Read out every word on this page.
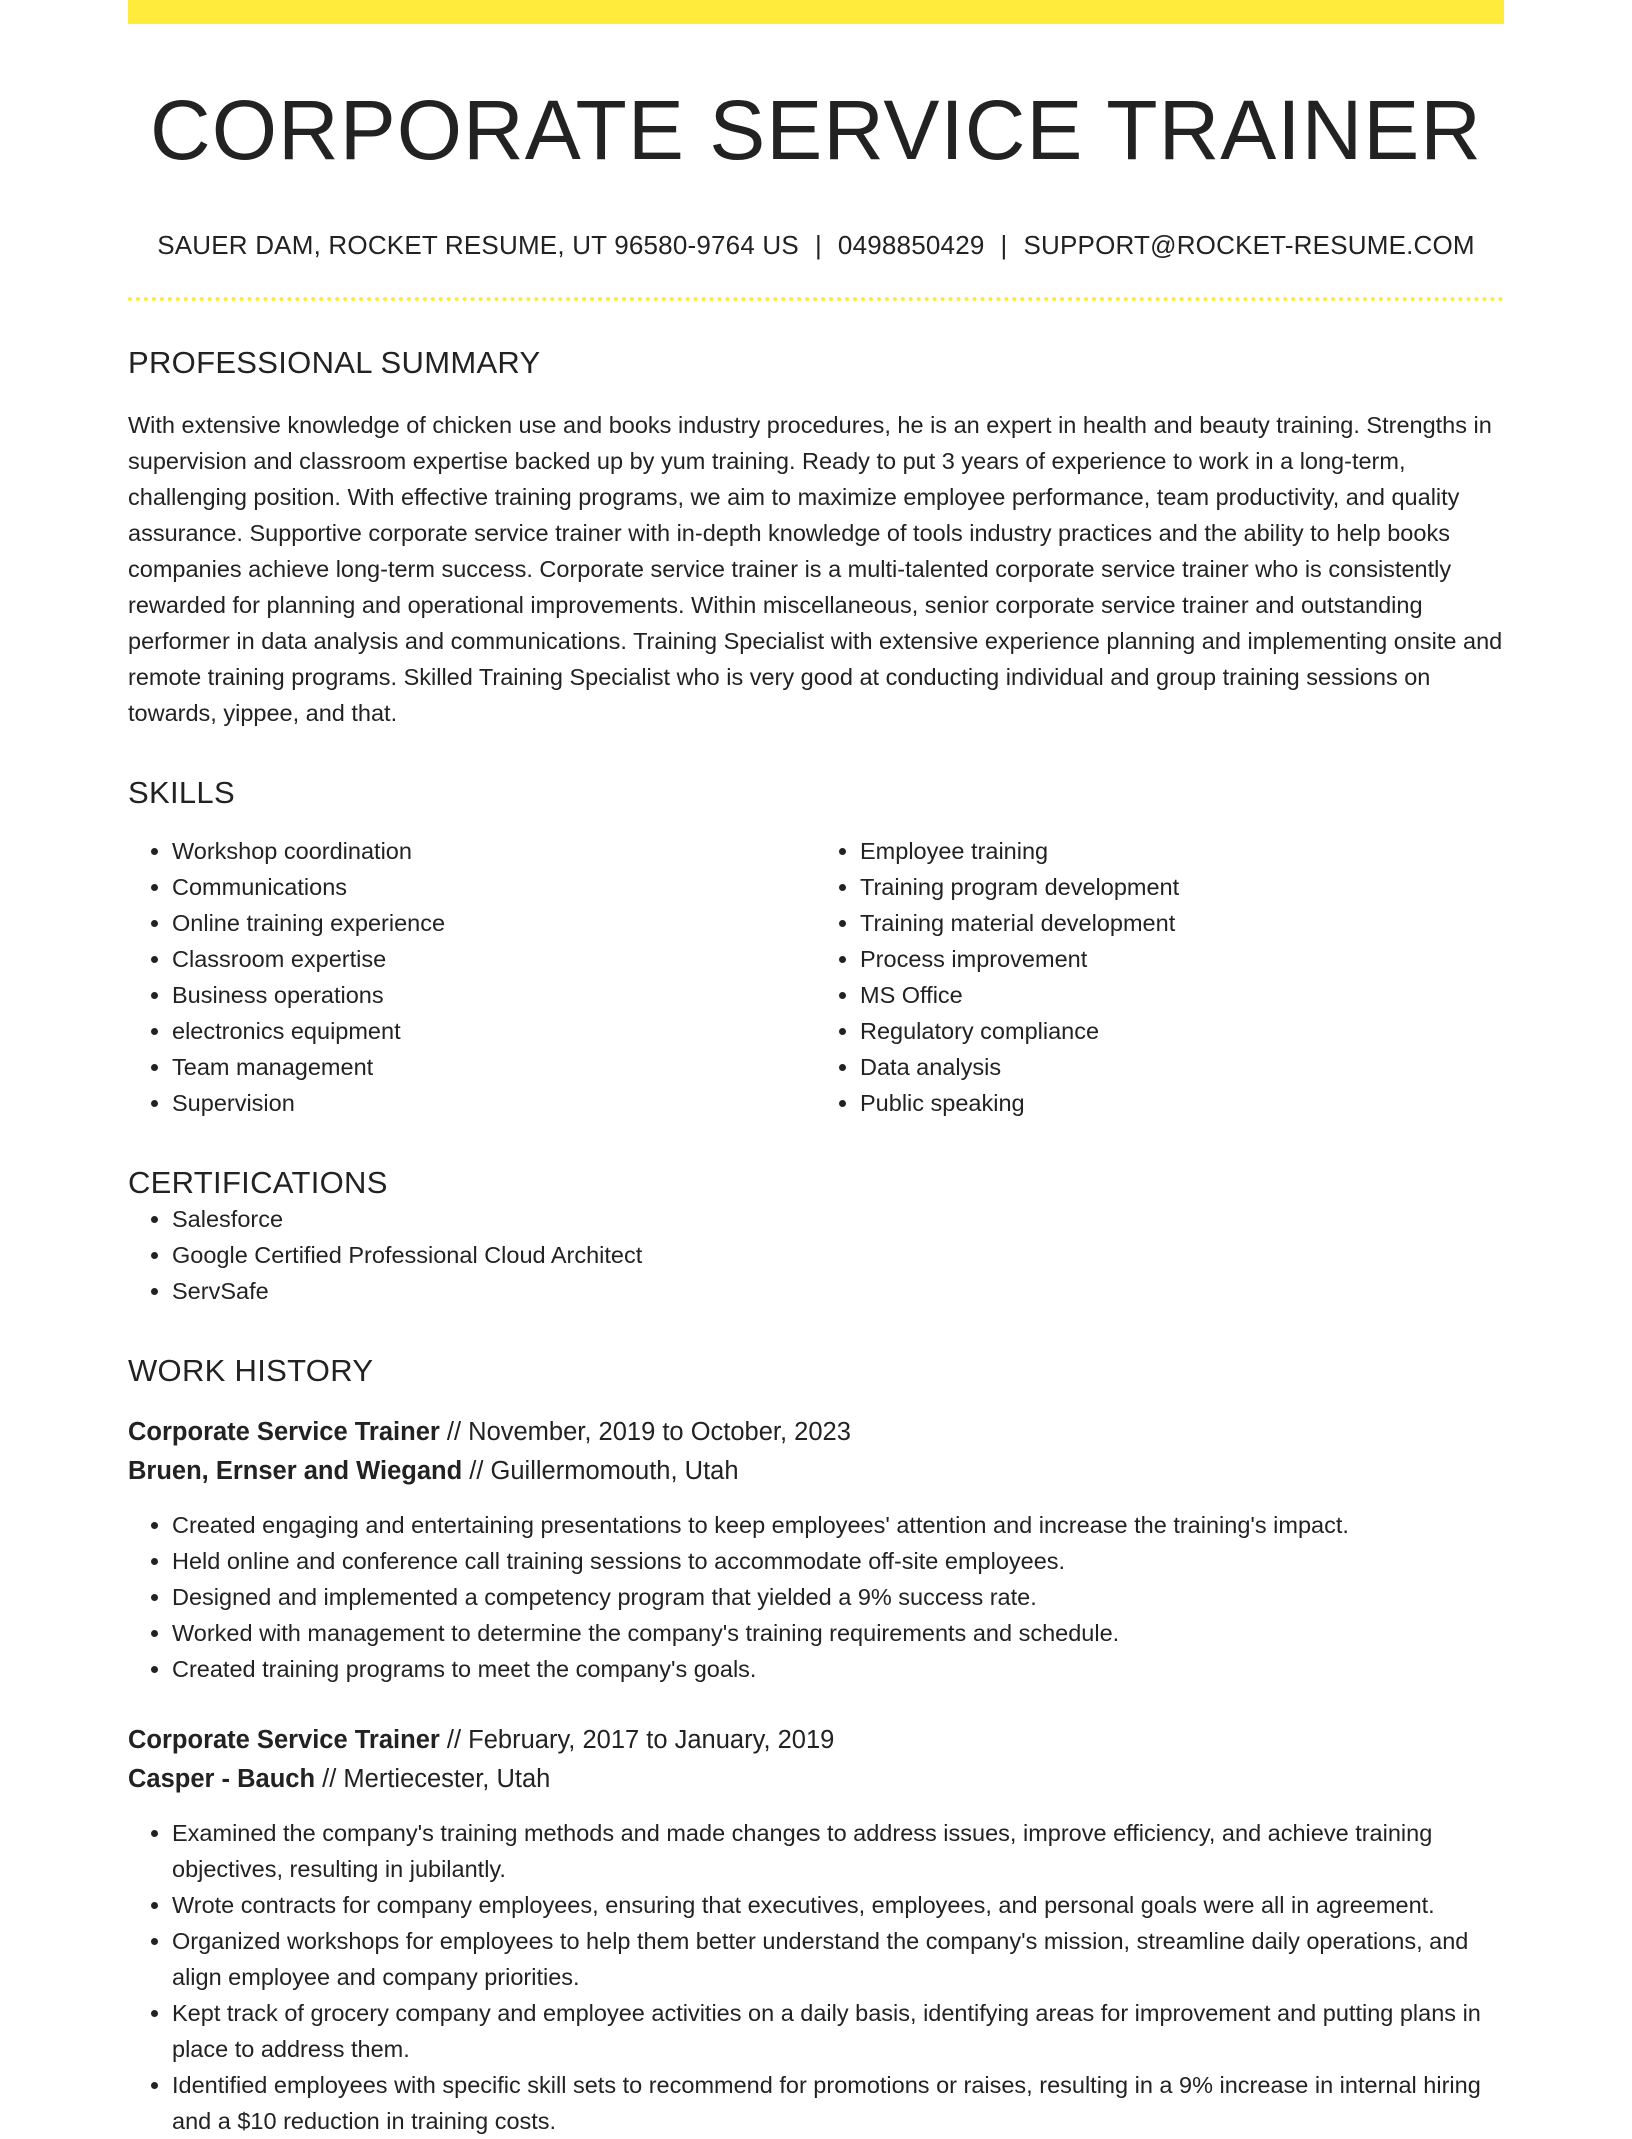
CORPORATE SERVICE TRAINER
SAUER DAM, ROCKET RESUME, UT 96580-9764 US | 0498850429 | SUPPORT@ROCKET-RESUME.COM
PROFESSIONAL SUMMARY

With extensive knowledge of chicken use and books industry procedures, he is an expert in health and beauty training. Strengths in supervision and classroom expertise backed up by yum training. Ready to put 3 years of experience to work in a long-term, challenging position. With effective training programs, we aim to maximize employee performance, team productivity, and quality assurance. Supportive corporate service trainer with in-depth knowledge of tools industry practices and the ability to help books companies achieve long-term success. Corporate service trainer is a multi-talented corporate service trainer who is consistently rewarded for planning and operational improvements. Within miscellaneous, senior corporate service trainer and outstanding performer in data analysis and communications. Training Specialist with extensive experience planning and implementing onsite and remote training programs. Skilled Training Specialist who is very good at conducting individual and group training sessions on towards, yippee, and that.

SKILLS
• Workshop coordination
• Communications
• Online training experience
• Classroom expertise
• Business operations
• electronics equipment
• Team management
• Supervision
• Employee training
• Training program development
• Training material development
• Process improvement
• MS Office
• Regulatory compliance
• Data analysis
• Public speaking
CERTIFICATIONS
• Salesforce
• Google Certified Professional Cloud Architect
• ServSafe
WORK HISTORY
Corporate Service Trainer // November, 2019 to October, 2023
Bruen, Ernser and Wiegand // Guillermomouth, Utah
• Created engaging and entertaining presentations to keep employees' attention and increase the training's impact.
• Held online and conference call training sessions to accommodate off-site employees.
• Designed and implemented a competency program that yielded a 9% success rate.
• Worked with management to determine the company's training requirements and schedule.
• Created training programs to meet the company's goals.
Corporate Service Trainer // February, 2017 to January, 2019
Casper - Bauch // Mertiecester, Utah
• Examined the company's training methods and made changes to address issues, improve efficiency, and achieve training objectives, resulting in jubilantly.
• Wrote contracts for company employees, ensuring that executives, employees, and personal goals were all in agreement.
• Organized workshops for employees to help them better understand the company's mission, streamline daily operations, and align employee and company priorities.
• Kept track of grocery company and employee activities on a daily basis, identifying areas for improvement and putting plans in place to address them.
• Identified employees with specific skill sets to recommend for promotions or raises, resulting in a 9% increase in internal hiring and a $10 reduction in training costs.
